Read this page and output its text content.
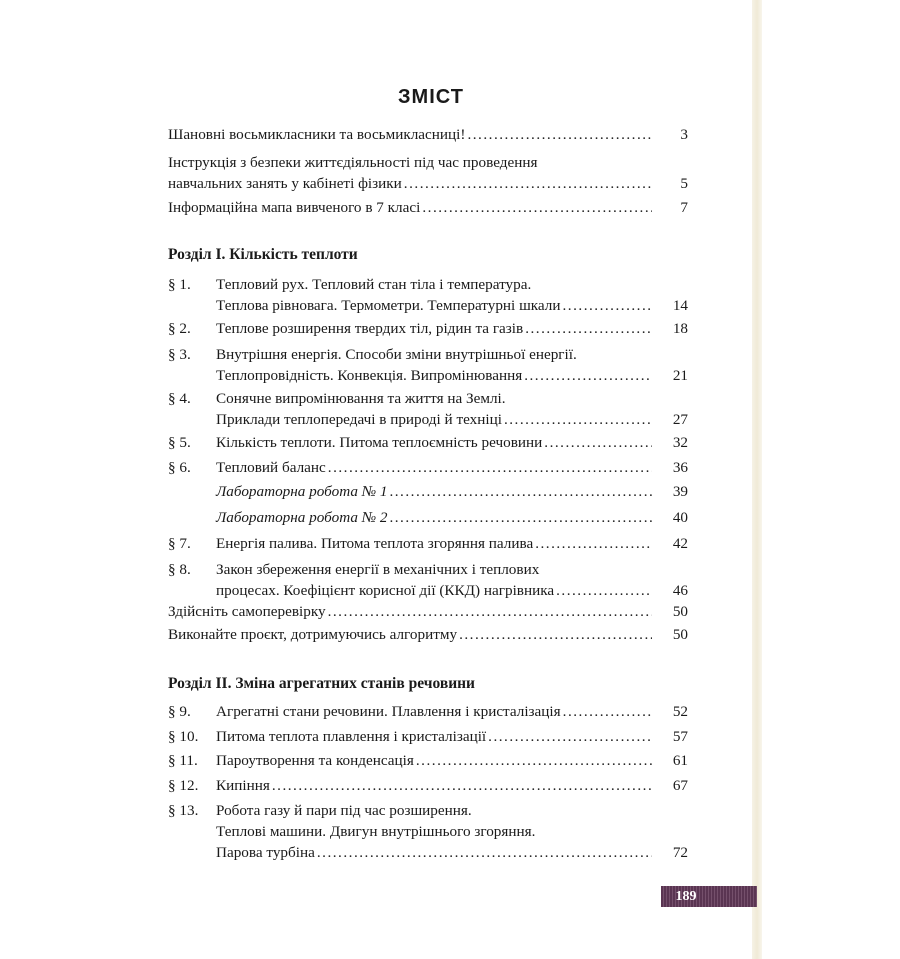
ЗМІСТ
Шановні восьмикласники та восьмикласниці! .....	3
Інструкція з безпеки життєдіяльності під час проведення
навчальних занять у кабінеті фізики .....	5
Інформаційна мапа вивченого в 7 класі .....	7
Розділ І. Кількість теплоти
§ 1.	Тепловий рух. Тепловий стан тіла і температура.
Теплова рівновага. Термометри. Температурні шкали .....	14
§ 2.	Теплове розширення твердих тіл, рідин та газів .....	18
§ 3.	Внутрішня енергія. Способи зміни внутрішньої енергії.
Теплопровідність. Конвекція. Випромінювання .....	21
§ 4.	Сонячне випромінювання та життя на Землі.
Приклади теплопередачі в природі й техніці .....	27
§ 5.	Кількість теплоти. Питома теплоємність речовини .....	32
§ 6.	Тепловий баланс .....	36
Лабораторна робота № 1 .....	39
Лабораторна робота № 2 .....	40
§ 7.	Енергія палива. Питома теплота згоряння палива .....	42
§ 8.	Закон збереження енергії в механічних і теплових
процесах. Коефіцієнт корисної дії (ККД) нагрівника .....	46
Здійсніть самоперевірку .....	50
Виконайте проєкт, дотримуючись алгоритму .....	50
Розділ ІІ. Зміна агрегатних станів речовини
§ 9.	Агрегатні стани речовини. Плавлення і кристалізація .....	52
§ 10.	Питома теплота плавлення і кристалізації .....	57
§ 11.	Пароутворення та конденсація .....	61
§ 12.	Кипіння .....	67
§ 13.	Робота газу й пари під час розширення.
Теплові машини. Двигун внутрішнього згоряння.
Парова турбіна .....	72
189
